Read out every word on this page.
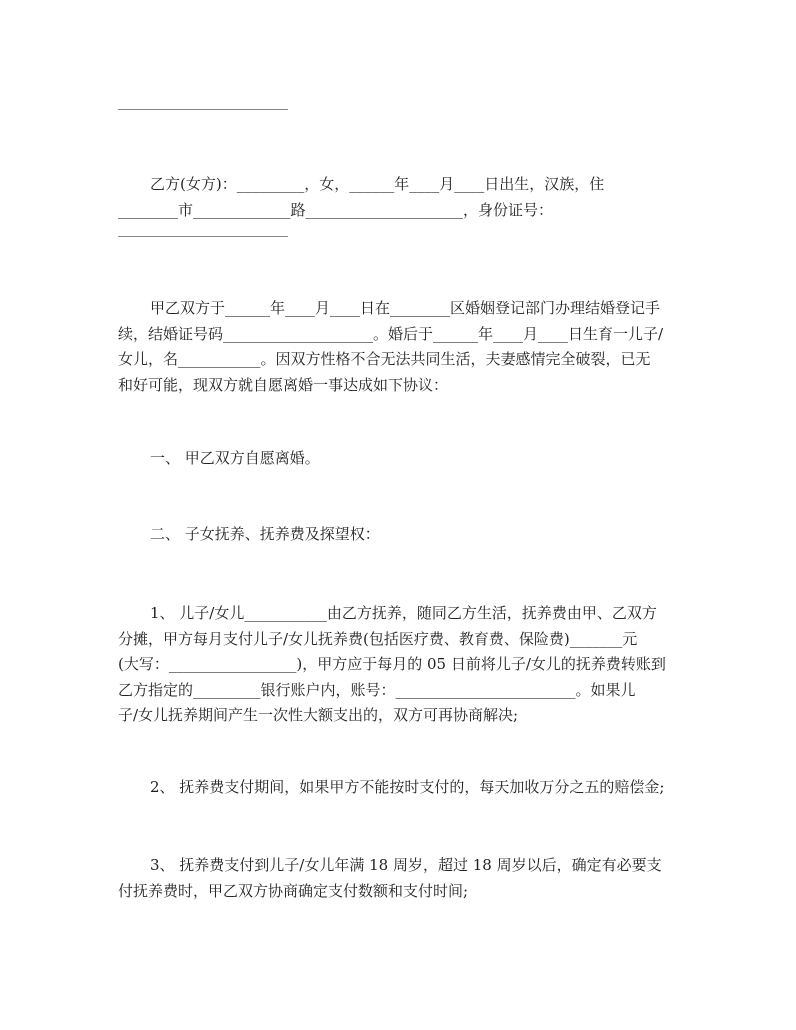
乙方(女方)：_________，女，______年____月____日出生，汉族，住
________市_____________路_____________________，身份证号：
甲乙双方于______年____月____日在________区婚姻登记部门办理结婚登记手
续，结婚证号码____________________。婚后于______年____月____日生育一儿子/
女儿，名___________。因双方性格不合无法共同生活，夫妻感情完全破裂，已无
和好可能，现双方就自愿离婚一事达成如下协议：
一、 甲乙双方自愿离婚。
二、 子女抚养、抚养费及探望权：
1、 儿子/女儿___________由乙方抚养，随同乙方生活，抚养费由甲、乙双方
分摊，甲方每月支付儿子/女儿抚养费(包括医疗费、教育费、保险费)_______元
(大写：_________________)，甲方应于每月的 05 日前将儿子/女儿的抚养费转账到
乙方指定的_________银行账户内，账号：________________________。如果儿
子/女儿抚养期间产生一次性大额支出的，双方可再协商解决;
2、 抚养费支付期间，如果甲方不能按时支付的，每天加收万分之五的赔偿金;
3、 抚养费支付到儿子/女儿年满 18 周岁，超过 18 周岁以后，确定有必要支
付抚养费时，甲乙双方协商确定支付数额和支付时间;
